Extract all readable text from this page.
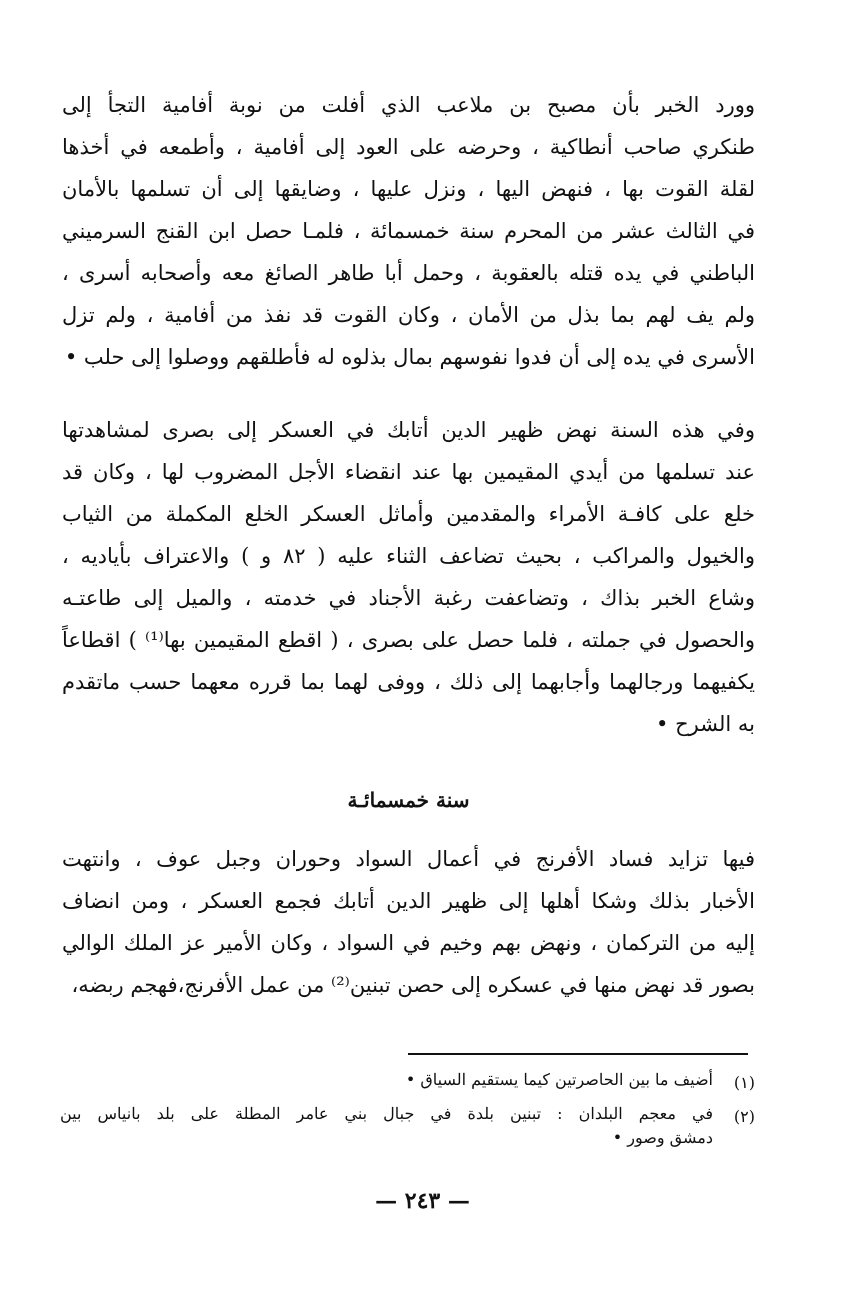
وورد الخبر بأن مصبح بن ملاعب الذي أفلت من نوبة أفامية التجأ إلى
طنكري صاحب أنطاكية ، وحرضه على العود إلى أفامية ، وأطمعه في أخذها
لقلة القوت بها ، فنهض اليها ، ونزل عليها ، وضايقها إلى أن تسلمها بالأمان
في الثالث عشر من المحرم سنة خمسمائة ، فلمـا حصل ابن القنج السرميني
الباطني في يده قتله بالعقوبة ، وحمل أبا طاهر الصائغ معه وأصحابه أسرى ،
ولم يف لهم بما بذل من الأمان ، وكان القوت قد نفذ من أفامية ، ولم تزل
الأسرى في يده إلى أن فدوا نفوسهم بمال بذلوه له فأطلقهم ووصلوا إلى حلب •
وفي هذه السنة نهض ظهير الدين أتابك في العسكر إلى بصرى لمشاهدتها
عند تسلمها من أيدي المقيمين بها عند انقضاء الأجل المضروب لها ، وكان قد
خلع على كافـة الأمراء والمقدمين وأماثل العسكر الخلع المكملة من الثياب
والخيول والمراكب ، بحيث تضاعف الثناء عليه ( ٨٢ و ) والاعتراف بأياديه ،
وشاع الخبر بذاك ، وتضاعفت رغبة الأجناد في خدمته ، والميل إلى طاعتـه
والحصول في جملته ، فلما حصل على بصرى ، ( اقطع المقيمين بها⁽¹⁾ ) اقطاعاً
يكفيهما ورجالهما وأجابهما إلى ذلك ، ووفى لهما بما قرره معهما حسب ماتقدم
به الشرح •
سنة خمسمائـة
فيها تزايد فساد الأفرنج في أعمال السواد وحوران وجبل عوف ، وانتهت
الأخبار بذلك وشكا أهلها إلى ظهير الدين أتابك فجمع العسكر ، ومن انضاف
إليه من التركمان ، ونهض بهم وخيم في السواد ، وكان الأمير عز الملك الوالي
بصور قد نهض منها في عسكره إلى حصن تبنين⁽²⁾ من عمل الأفرنج،فهجم ربضه،
(١)
أضيف ما بين الحاصرتين كيما يستقيم السياق •
(٢)
في معجم البلدان : تبنين بلدة في جبال بني عامر المطلة على بلد بانياس بين
دمشق وصور •
— ٢٤٣ —
